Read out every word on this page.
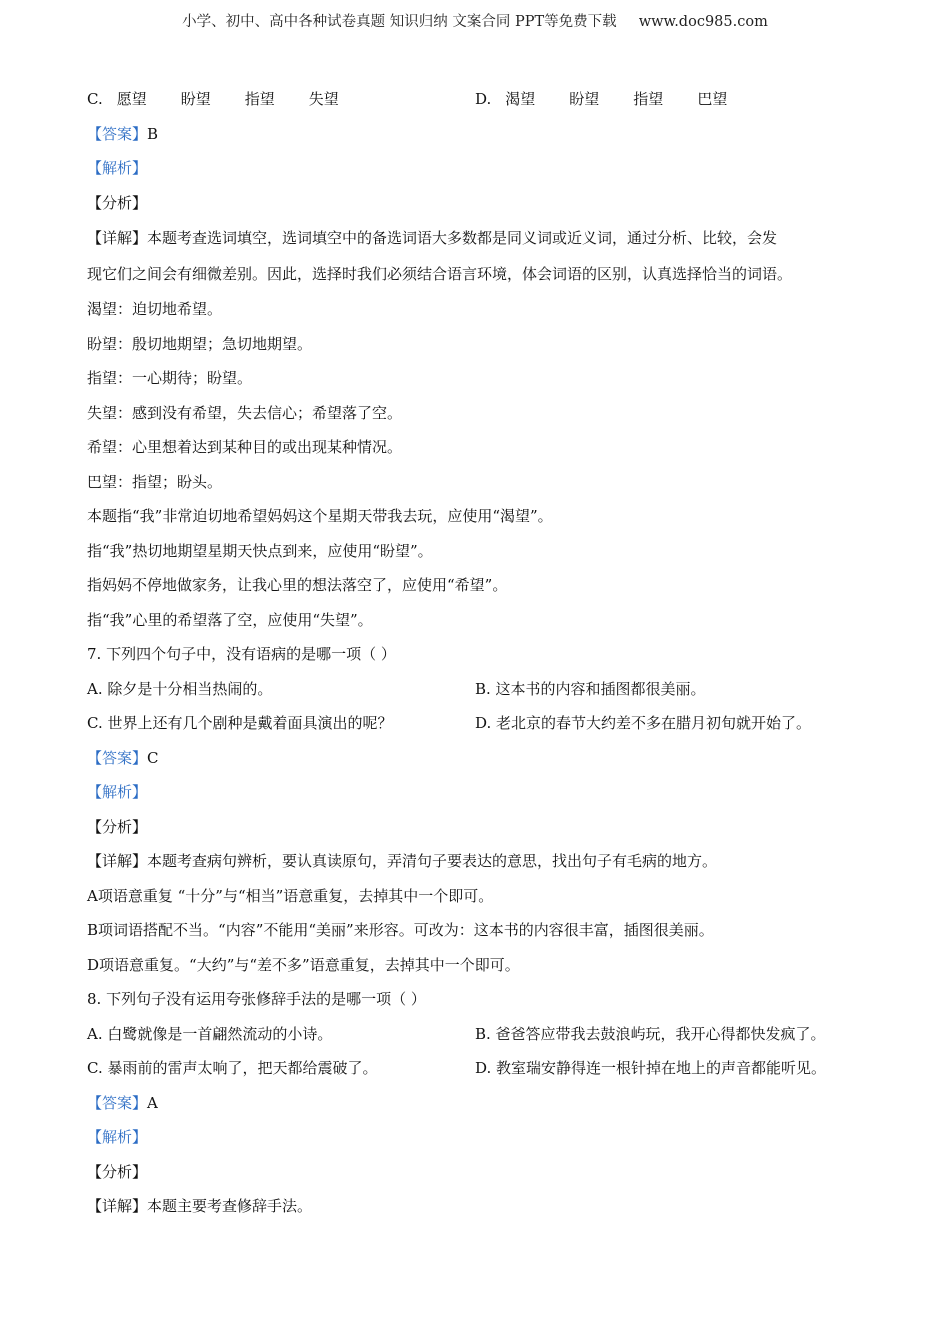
小学、初中、高中各种试卷真题 知识归纳 文案合同 PPT等免费下载 www.doc985.com
C. 愿望 盼望 指望 失望	D. 渴望 盼望 指望 巴望
【答案】B
【解析】
【分析】
【详解】本题考查选词填空，选词填空中的备选词语大多数都是同义词或近义词，通过分析、比较，会发
现它们之间会有细微差别。因此，选择时我们必须结合语言环境，体会词语的区别，认真选择恰当的词语。
渴望：迫切地希望。
盼望：殷切地期望；急切地期望。
指望：一心期待；盼望。
失望：感到没有希望，失去信心；希望落了空。
希望：心里想着达到某种目的或出现某种情况。
巴望：指望；盼头。
本题指“我”非常迫切地希望妈妈这个星期天带我去玩，应使用“渴望”。
指“我”热切地期望星期天快点到来，应使用“盼望”。
指妈妈不停地做家务，让我心里的想法落空了，应使用“希望”。
指“我”心里的希望落了空，应使用“失望”。
7. 下列四个句子中，没有语病的是哪一项（ ）
A. 除夕是十分相当热闹的。	B. 这本书的内容和插图都很美丽。
C. 世界上还有几个剧种是戴着面具演出的呢？	D. 老北京的春节大约差不多在腊月初旬就开始了。
【答案】C
【解析】
【分析】
【详解】本题考查病句辨析，要认真读原句，弄清句子要表达的意思，找出句子有毛病的地方。
A项语意重复 “十分”与“相当”语意重复，去掉其中一个即可。
B项词语搭配不当。“内容”不能用“美丽”来形容。可改为：这本书的内容很丰富，插图很美丽。
D项语意重复。“大约”与“差不多”语意重复，去掉其中一个即可。
8. 下列句子没有运用夸张修辞手法的是哪一项（ ）
A. 白鹭就像是一首翩然流动的小诗。	B. 爸爸答应带我去鼓浪屿玩，我开心得都快发疯了。
C. 暴雨前的雷声太响了，把天都给震破了。	D. 教室瑞安静得连一根针掉在地上的声音都能听见。
【答案】A
【解析】
【分析】
【详解】本题主要考查修辞手法。
